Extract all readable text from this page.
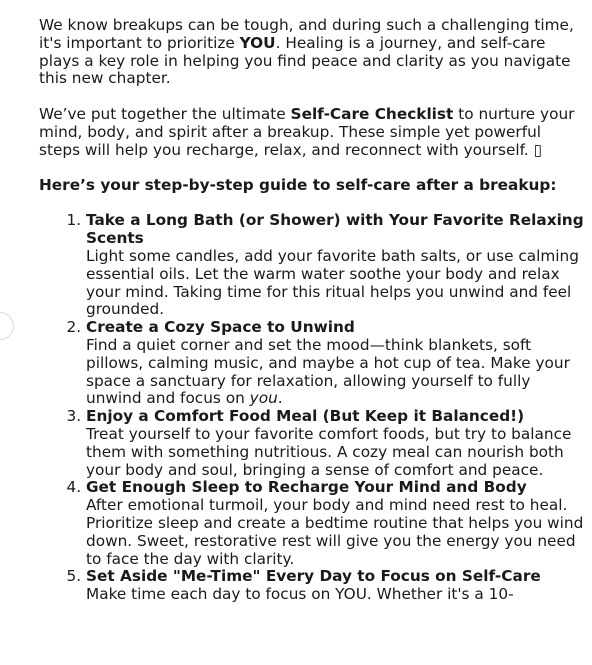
We know breakups can be tough, and during such a challenging time, it's important to prioritize YOU. Healing is a journey, and self-care plays a key role in helping you find peace and clarity as you navigate this new chapter.

We’ve put together the ultimate Self-Care Checklist to nurture your mind, body, and spirit after a breakup. These simple yet powerful steps will help you recharge, relax, and reconnect with yourself. ▯

Here’s your step-by-step guide to self-care after a breakup:

1. Take a Long Bath (or Shower) with Your Favorite Relaxing Scents
Light some candles, add your favorite bath salts, or use calming essential oils. Let the warm water soothe your body and relax your mind. Taking time for this ritual helps you unwind and feel grounded.
2. Create a Cozy Space to Unwind
Find a quiet corner and set the mood—think blankets, soft pillows, calming music, and maybe a hot cup of tea. Make your space a sanctuary for relaxation, allowing yourself to fully unwind and focus on you.
3. Enjoy a Comfort Food Meal (But Keep it Balanced!)
Treat yourself to your favorite comfort foods, but try to balance them with something nutritious. A cozy meal can nourish both your body and soul, bringing a sense of comfort and peace.
4. Get Enough Sleep to Recharge Your Mind and Body
After emotional turmoil, your body and mind need rest to heal. Prioritize sleep and create a bedtime routine that helps you wind down. Sweet, restorative rest will give you the energy you need to face the day with clarity.
5. Set Aside "Me-Time" Every Day to Focus on Self-Care
Make time each day to focus on YOU. Whether it's a 10-
